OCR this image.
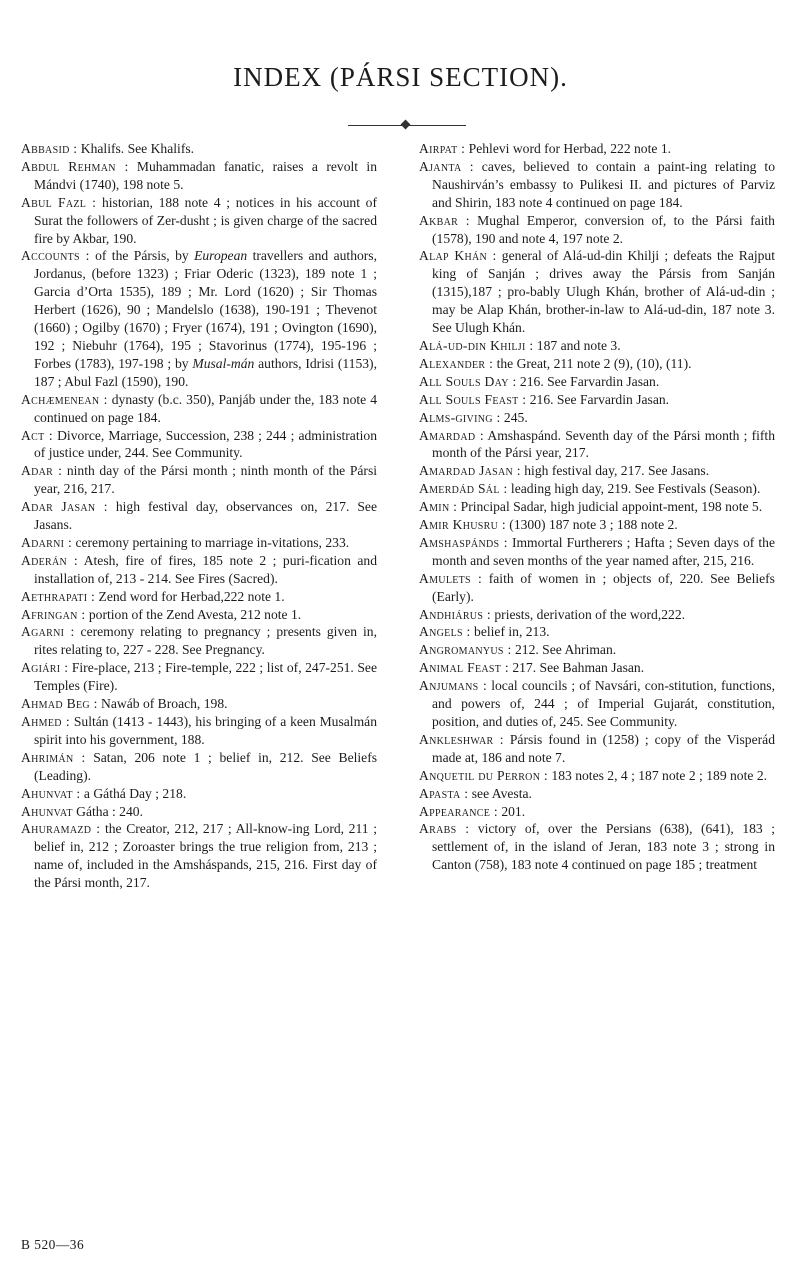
INDEX (PÁRSI SECTION).

Abbasid : Khalifs. See Khalifs.

Abdul Rehman : Muhammadan fanatic, raises a revolt in Mándvi (1740), 198 note 5.

Abul Fazl : historian, 188 note 4 ; notices in his account of Surat the followers of Zer-dusht ; is given charge of the sacred fire by Akbar, 190.

Accounts : of the Pársis, by European travellers and authors, Jordanus, (before 1323) ; Friar Oderic (1323), 189 note 1 ; Garcia d’Orta 1535), 189 ; Mr. Lord (1620) ; Sir Thomas Herbert (1626), 90 ; Mandelslo (1638), 190-191 ; Thevenot (1660) ; Ogilby (1670) ; Fryer (1674), 191 ; Ovington (1690), 192 ; Niebuhr (1764), 195 ; Stavorinus (1774), 195-196 ; Forbes (1783), 197-198 ; by Musal-mán authors, Idrisi (1153), 187 ; Abul Fazl (1590), 190.

Achæmenean : dynasty (b.c. 350), Panjáb under the, 183 note 4 continued on page 184.

Act : Divorce, Marriage, Succession, 238 ; 244 ; administration of justice under, 244. See Community.

Adar : ninth day of the Pársi month ; ninth month of the Pársi year, 216, 217.

Adar Jasan : high festival day, observances on, 217. See Jasans.

Adarni : ceremony pertaining to marriage in-vitations, 233.

Aderán : Atesh, fire of fires, 185 note 2 ; puri-fication and installation of, 213 - 214. See Fires (Sacred).

Aethrapati : Zend word for Herbad,222 note 1.

Afringan : portion of the Zend Avesta, 212 note 1.

Agarni : ceremony relating to pregnancy ; presents given in, rites relating to, 227 - 228. See Pregnancy.

Agiári : Fire-place, 213 ; Fire-temple, 222 ; list of, 247-251. See Temples (Fire).

Ahmad Beg : Nawáb of Broach, 198.

Ahmed : Sultán (1413 - 1443), his bringing of a keen Musalmán spirit into his government, 188.

Ahrimán : Satan, 206 note 1 ; belief in, 212. See Beliefs (Leading).

Ahunvat : a Gáthá Day ; 218.

Ahunvat Gátha : 240.

Ahuramazd : the Creator, 212, 217 ; All-know-ing Lord, 211 ; belief in, 212 ; Zoroaster brings the true religion from, 213 ; name of, included in the Amsháspands, 215, 216. First day of the Pársi month, 217.

Airpat : Pehlevi word for Herbad, 222 note 1.

Ajanta : caves, believed to contain a paint-ing relating to Naushirván’s embassy to Pulikesi II. and pictures of Parviz and Shirin, 183 note 4 continued on page 184.

Akbar : Mughal Emperor, conversion of, to the Pársi faith (1578), 190 and note 4, 197 note 2.

Alap Khán : general of Alá-ud-din Khilji ; defeats the Rajput king of Sanján ; drives away the Pársis from Sanján (1315),187 ; pro-bably Ulugh Khán, brother of Alá-ud-din ; may be Alap Khán, brother-in-law to Alá-ud-din, 187 note 3. See Ulugh Khán.

Alá-ud-din Khilji : 187 and note 3.

Alexander : the Great, 211 note 2 (9), (10), (11).

All Souls Day : 216. See Farvardin Jasan.

All Souls Feast : 216. See Farvardin Jasan.

Alms-giving : 245.

Amardad : Amshaspánd. Seventh day of the Pársi month ; fifth month of the Pársi year, 217.

Amardad Jasan : high festival day, 217. See Jasans.

Amerdád Sál : leading high day, 219. See Festivals (Season).

Amin : Principal Sadar, high judicial appoint-ment, 198 note 5.

Amir Khusru : (1300) 187 note 3 ; 188 note 2.

Amshaspánds : Immortal Furtherers ; Hafta ; Seven days of the month and seven months of the year named after, 215, 216.

Amulets : faith of women in ; objects of, 220. See Beliefs (Early).

Andhiárus : priests, derivation of the word,222.

Angels : belief in, 213.

Angromanyus : 212. See Ahriman.

Animal Feast : 217. See Bahman Jasan.

Anjumans : local councils ; of Navsári, con-stitution, functions, and powers of, 244 ; of Imperial Gujarát, constitution, position, and duties of, 245. See Community.

Ankleshwar : Pársis found in (1258) ; copy of the Visperád made at, 186 and note 7.

Anquetil du Perron : 183 notes 2, 4 ; 187 note 2 ; 189 note 2.

Apasta : see Avesta.

Appearance : 201.

Arabs : victory of, over the Persians (638), (641), 183 ; settlement of, in the island of Jeran, 183 note 3 ; strong in Canton (758), 183 note 4 continued on page 185 ; treatment

B 520—36
